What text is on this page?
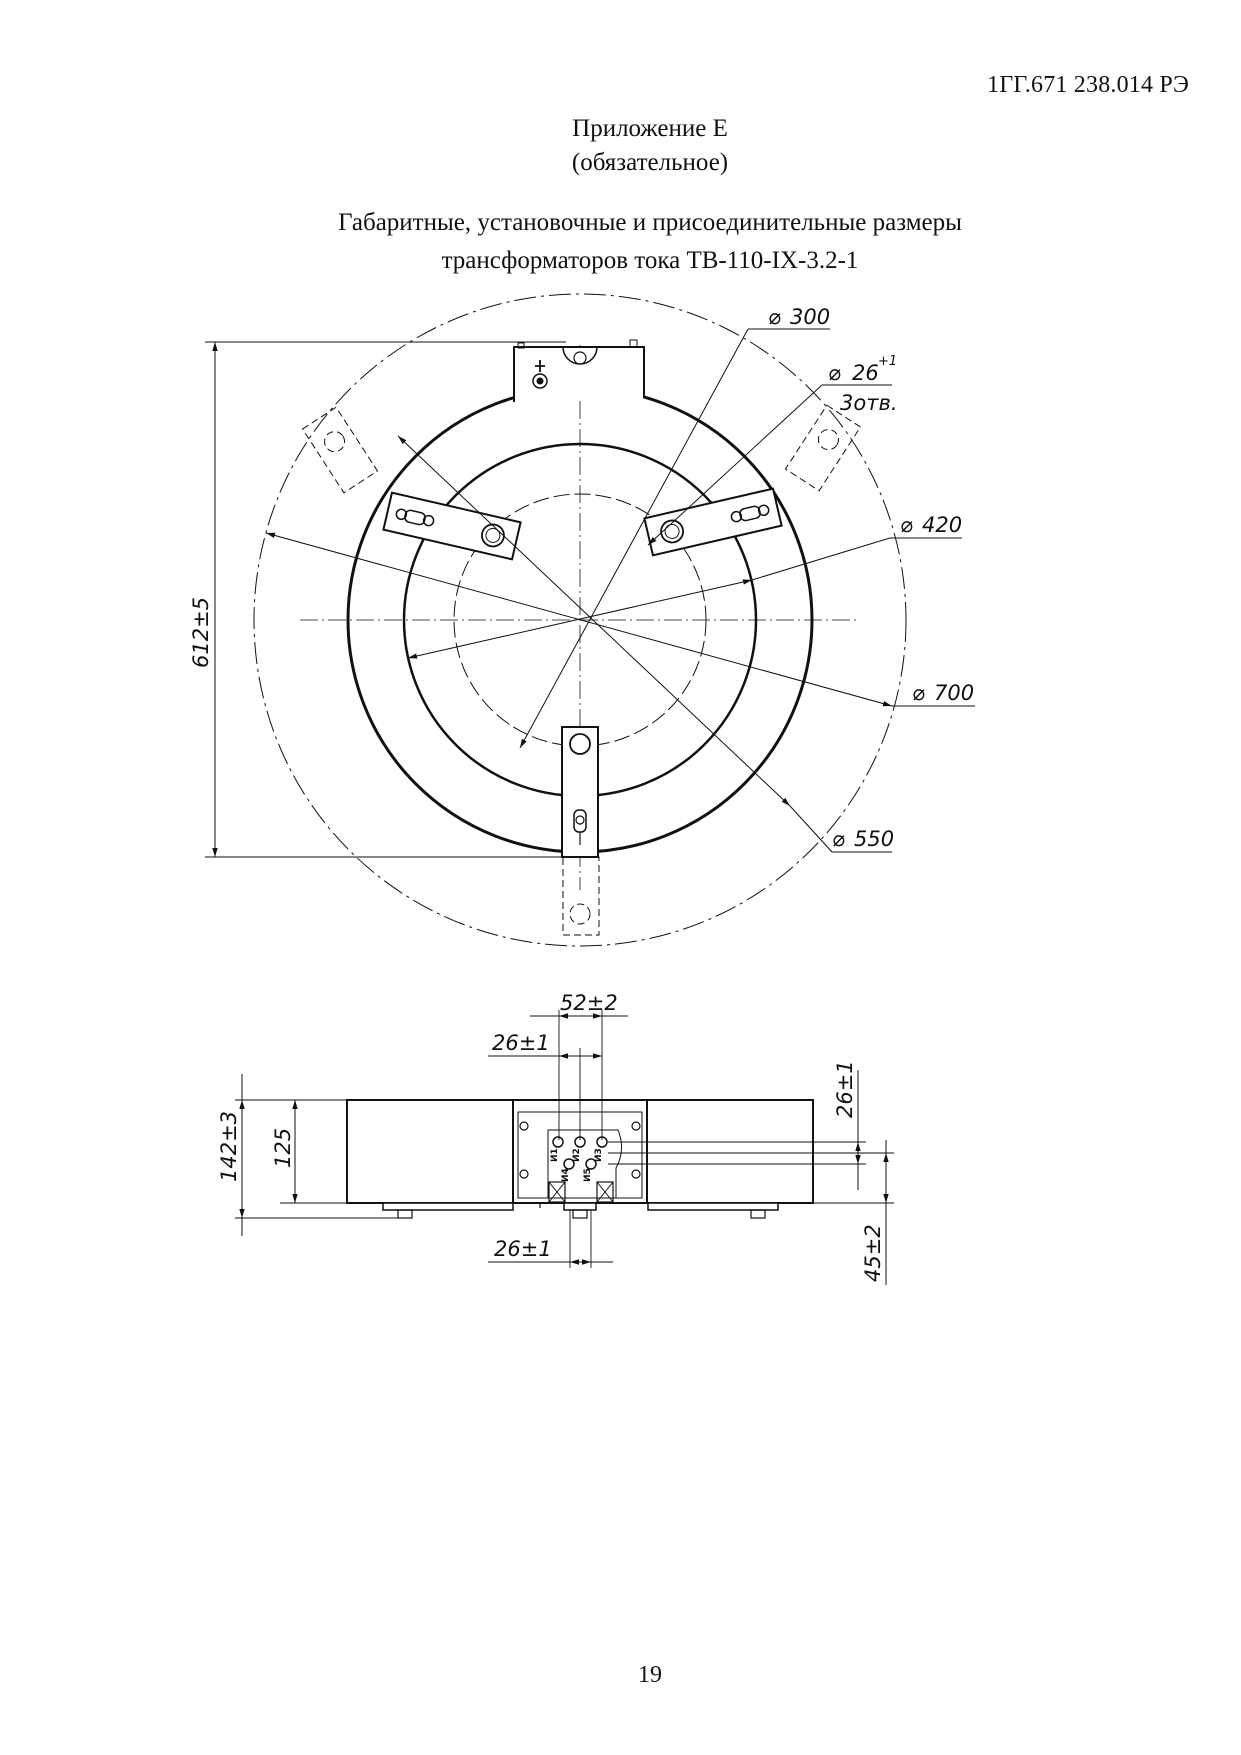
1ГГ.671 238.014 РЭ
Приложение Е
(обязательное)
Габаритные, установочные и присоединительные размеры
трансформаторов тока ТВ-110-IX-3.2-1
⌀ 300
⌀ 26 +1
3отв.
⌀ 420
⌀ 700
⌀ 550
612±5
52±2
26±1
26±1
142±3 125
26±1
45±2
И1 И2 И3
И4 И5
19
